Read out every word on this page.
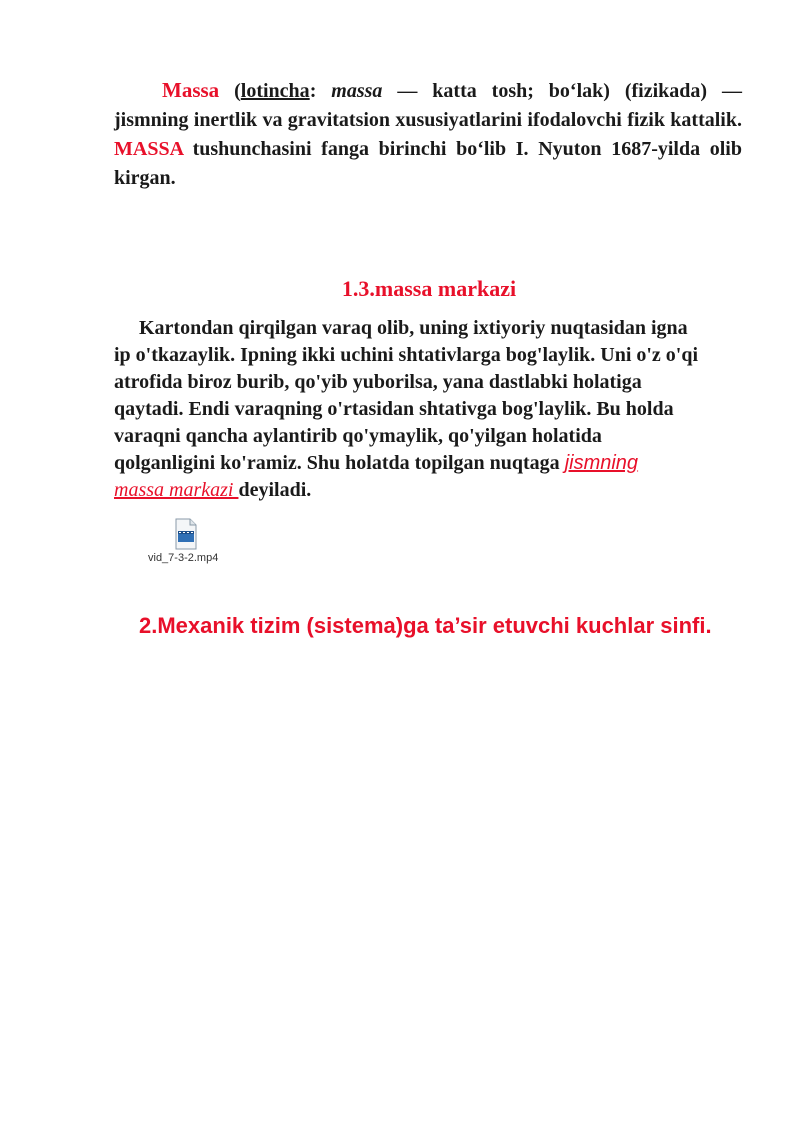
Massa (lotincha: massa — katta tosh; bo‘lak) (fizikada) — jismning inertlik va gravitatsion xususiyatlarini ifodalovchi fizik kattalik. MASSA tushunchasini fanga birinchi bo‘lib I. Nyuton 1687-yilda olib kirgan.

1.3.massa markazi

Kartondan qirqilgan varaq olib, uning ixtiyoriy nuqtasidan igna
ip o'tkazaylik. Ipning ikki uchini shtativlarga bog'laylik. Uni o'z o'qi
atrofida biroz burib, qo'yib yuborilsa, yana dastlabki holatiga
qaytadi. Endi varaqning o'rtasidan shtativga bog'laylik. Bu holda
varaqni qancha aylantirib qo'ymaylik, qo'yilgan holatida
qolganligini ko'ramiz. Shu holatda topilgan nuqtaga jismning
massa markazi deyiladi.

vid_7-3-2.mp4
2.Mexanik tizim (sistema)ga ta’sir etuvchi kuchlar sinfi.
